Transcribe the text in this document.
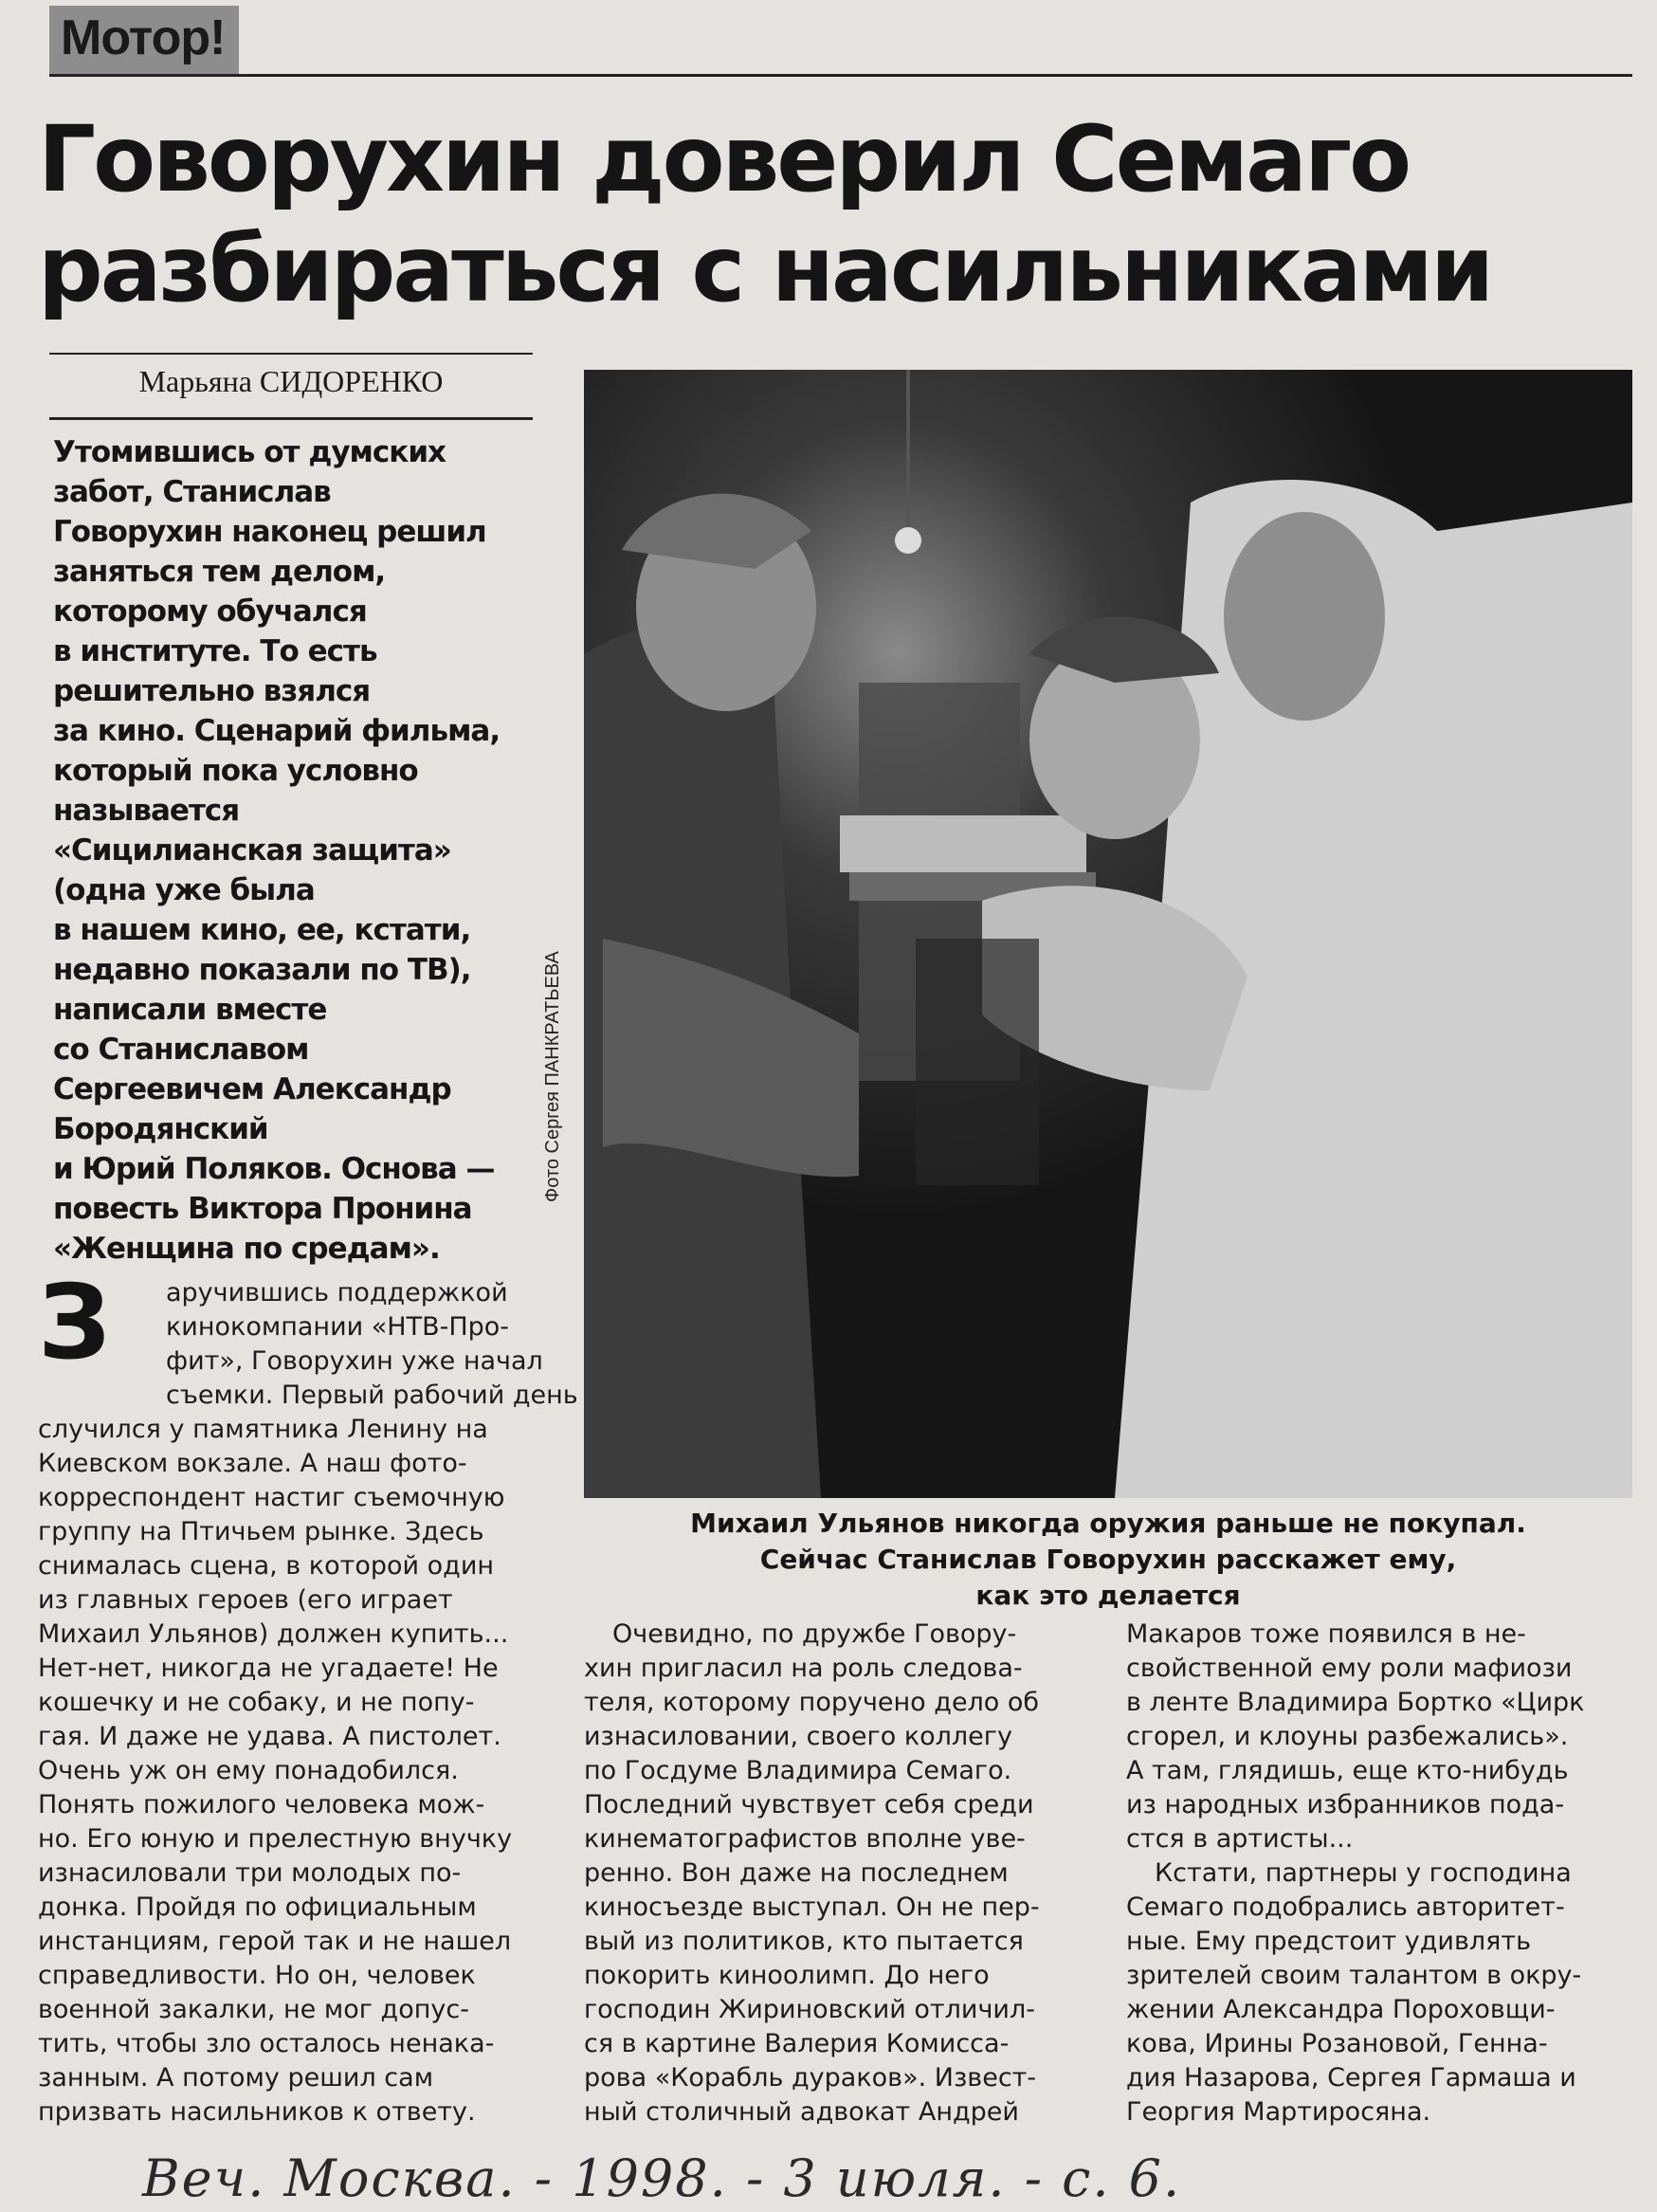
Мотор!
Говорухин доверил Семаго
разбираться с насильниками
Марьяна СИДОРЕНКО
Утомившись от думских
забот, Станислав
Говорухин наконец решил
заняться тем делом,
которому обучался
в институте. То есть
решительно взялся
за кино. Сценарий фильма,
который пока условно
называется
«Сицилианская защита»
(одна уже была
в нашем кино, ее, кстати,
недавно показали по ТВ),
написали вместе
со Станиславом
Сергеевичем Александр
Бородянский
и Юрий Поляков. Основа —
повесть Виктора Пронина
«Женщина по средам».
Фото Сергея ПАНКРАТЬЕВА
Михаил Ульянов никогда оружия раньше не покупал.
Сейчас Станислав Говорухин расскажет ему,
как это делается
З	аручившись поддержкой
кинокомпании «НТВ-Про-
фит», Говорухин уже начал
съемки. Первый рабочий день
случился у памятника Ленину на
Киевском вокзале. А наш фото-
корреспондент настиг съемочную
группу на Птичьем рынке. Здесь
снималась сцена, в которой один
из главных героев (его играет
Михаил Ульянов) должен купить...
Нет-нет, никогда не угадаете! Не
кошечку и не собаку, и не попу-
гая. И даже не удава. А пистолет.
Очень уж он ему понадобился.
Понять пожилого человека мож-
но. Его юную и прелестную внучку
изнасиловали три молодых по-
донка. Пройдя по официальным
инстанциям, герой так и не нашел
справедливости. Но он, человек
военной закалки, не мог допус-
тить, чтобы зло осталось ненака-
занным. А потому решил сам
призвать насильников к ответу.
Очевидно, по дружбе Говору-
хин пригласил на роль следова-
теля, которому поручено дело об
изнасиловании, своего коллегу
по Госдуме Владимира Семаго.
Последний чувствует себя среди
кинематографистов вполне уве-
ренно. Вон даже на последнем
киносъезде выступал. Он не пер-
вый из политиков, кто пытается
покорить киноолимп. До него
господин Жириновский отличил-
ся в картине Валерия Комисса-
рова «Корабль дураков». Извест-
ный столичный адвокат Андрей
Макаров тоже появился в не-
свойственной ему роли мафиози
в ленте Владимира Бортко «Цирк
сгорел, и клоуны разбежались».
А там, глядишь, еще кто-нибудь
из народных избранников пода-
стся в артисты...
Кстати, партнеры у господина
Семаго подобрались авторитет-
ные. Ему предстоит удивлять
зрителей своим талантом в окру-
жении Александра Пороховщи-
кова, Ирины Розановой, Генна-
дия Назарова, Сергея Гармаша и
Георгия Мартиросяна.
Веч. Москва. - 1998. - 3 июля. - с. 6.
